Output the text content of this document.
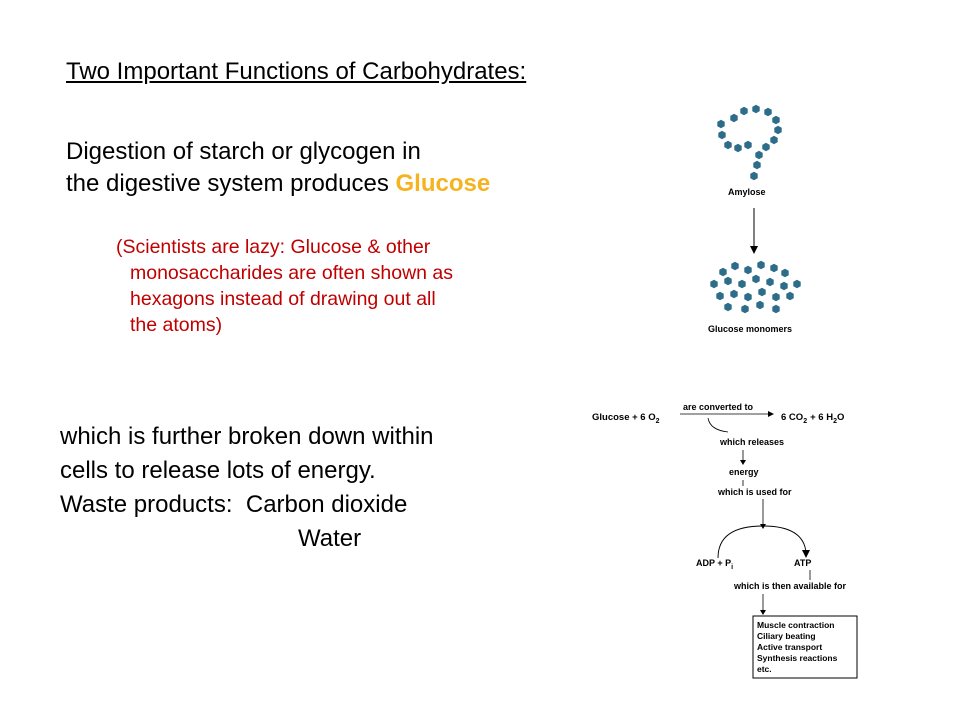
Two Important Functions of Carbohydrates:
Digestion of starch or glycogen in
the digestive system produces Glucose
(Scientists are lazy: Glucose & other
monosaccharides are often shown as
hexagons instead of drawing out all
the atoms)
which is further broken down within
cells to release lots of energy.
Waste products: Carbon dioxide
Water
Amylose
Glucose monomers
Glucose + 6 $O_2$
are converted to
6 $CO_2 + 6$ $H_2O$
which releases
energy
which is used for
ADP + $P_i$	ATP
which is then available for
Muscle contraction
Ciliary beating
Active transport
Synthesis reactions
etc.
